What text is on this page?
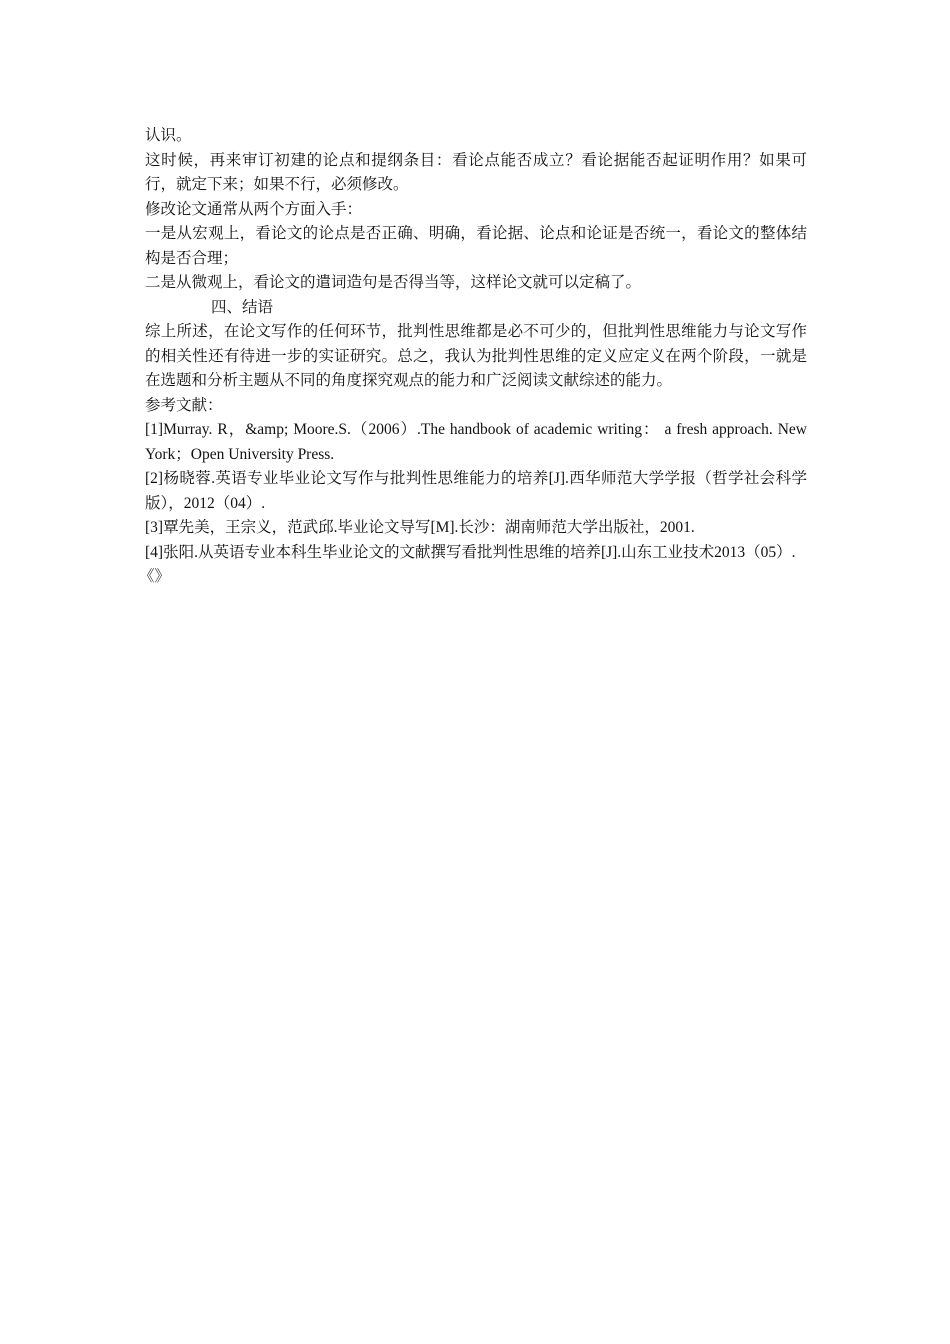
认识。

这时候，再来审订初建的论点和提纲条目：看论点能否成立？看论据能否起证明作用？如果可行，就定下来；如果不行，必须修改。

修改论文通常从两个方面入手：

一是从宏观上，看论文的论点是否正确、明确，看论据、论点和论证是否统一，看论文的整体结构是否合理；

二是从微观上，看论文的遣词造句是否得当等，这样论文就可以定稿了。

四、结语

综上所述，在论文写作的任何环节，批判性思维都是必不可少的，但批判性思维能力与论文写作的相关性还有待进一步的实证研究。总之，我认为批判性思维的定义应定义在两个阶段，一就是在选题和分析主题从不同的角度探究观点的能力和广泛阅读文献综述的能力。

参考文献：

[1]Murray. R，&amp; Moore.S.（2006）.The handbook of academic writing： a fresh approach. New York；Open University Press.

[2]杨晓蓉.英语专业毕业论文写作与批判性思维能力的培养[J].西华师范大学学报（哲学社会科学版），2012（04）.

[3]覃先美，王宗义，范武邱.毕业论文导写[M].长沙：湖南师范大学出版社，2001.

[4]张阳.从英语专业本科生毕业论文的文献撰写看批判性思维的培养[J].山东工业技术2013（05）.

《》
